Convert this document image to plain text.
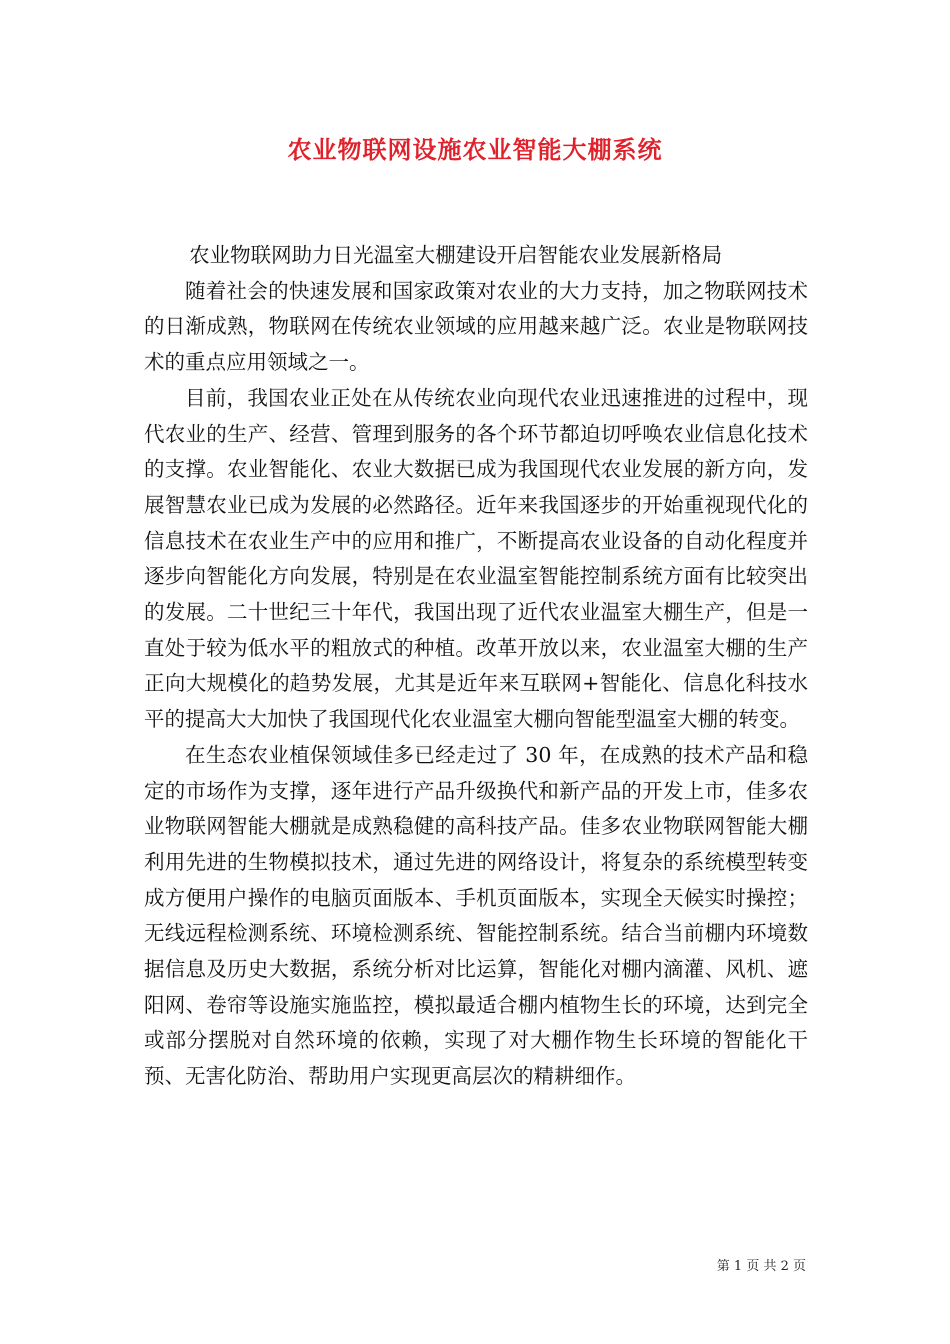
农业物联网设施农业智能大棚系统

农业物联网助力日光温室大棚建设开启智能农业发展新格局

随着社会的快速发展和国家政策对农业的大力支持，加之物联网技术的日渐成熟，物联网在传统农业领域的应用越来越广泛。农业是物联网技术的重点应用领域之一。

目前，我国农业正处在从传统农业向现代农业迅速推进的过程中，现代农业的生产、经营、管理到服务的各个环节都迫切呼唤农业信息化技术的支撑。农业智能化、农业大数据已成为我国现代农业发展的新方向，发展智慧农业已成为发展的必然路径。近年来我国逐步的开始重视现代化的信息技术在农业生产中的应用和推广，不断提高农业设备的自动化程度并逐步向智能化方向发展，特别是在农业温室智能控制系统方面有比较突出的发展。二十世纪三十年代，我国出现了近代农业温室大棚生产，但是一直处于较为低水平的粗放式的种植。改革开放以来，农业温室大棚的生产正向大规模化的趋势发展，尤其是近年来互联网+智能化、信息化科技水平的提高大大加快了我国现代化农业温室大棚向智能型温室大棚的转变。

在生态农业植保领域佳多已经走过了 30 年，在成熟的技术产品和稳定的市场作为支撑，逐年进行产品升级换代和新产品的开发上市，佳多农业物联网智能大棚就是成熟稳健的高科技产品。佳多农业物联网智能大棚利用先进的生物模拟技术，通过先进的网络设计，将复杂的系统模型转变成方便用户操作的电脑页面版本、手机页面版本，实现全天候实时操控；无线远程检测系统、环境检测系统、智能控制系统。结合当前棚内环境数据信息及历史大数据，系统分析对比运算，智能化对棚内滴灌、风机、遮阳网、卷帘等设施实施监控，模拟最适合棚内植物生长的环境，达到完全或部分摆脱对自然环境的依赖，实现了对大棚作物生长环境的智能化干预、无害化防治、帮助用户实现更高层次的精耕细作。

第 1 页 共 2 页
